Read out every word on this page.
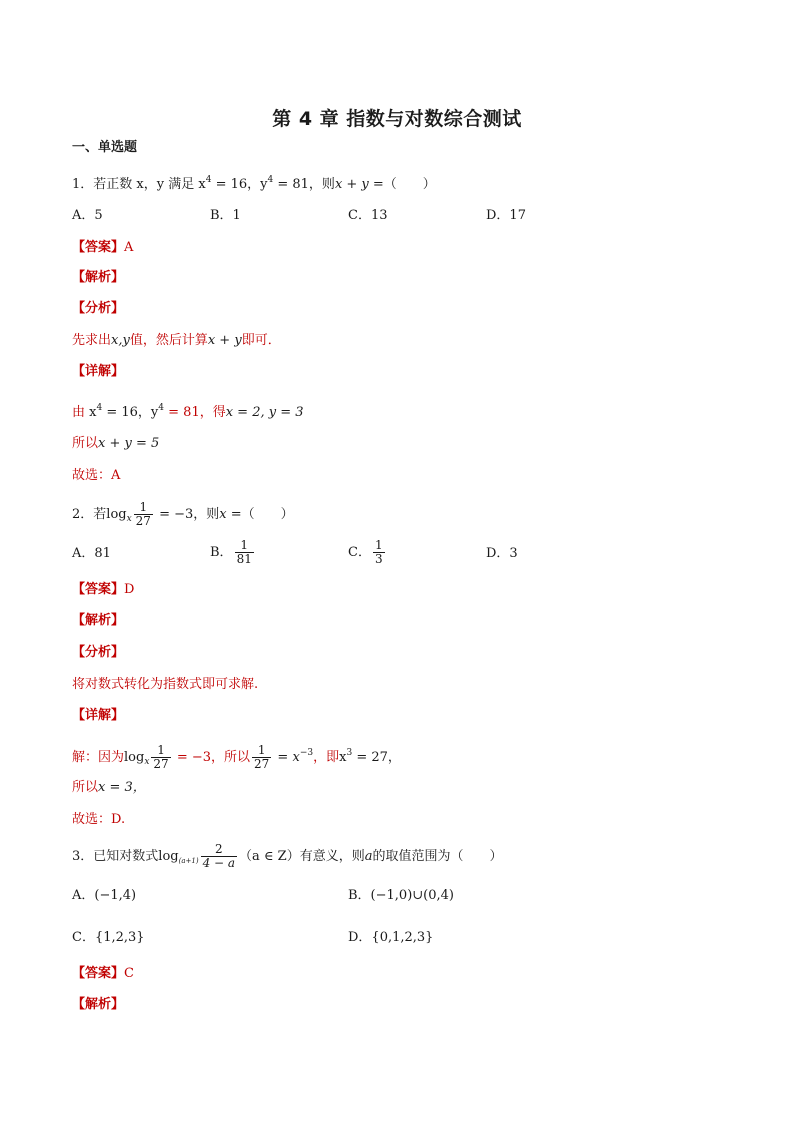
第 4 章 指数与对数综合测试
一、单选题
1．若正数 x，y 满足 $x^4 = 16$，$y^4 = 81$，则x + y =（　　）
A．5	B．1	C．13	D．17
【答案】A
【解析】
【分析】
先求出x,y值，然后计算x + y即可．
【详解】
由 $x^4 = 16$，$y^4 = 81$，得x = 2, y = 3
所以x + y = 5
故选：A
2．若$\log_x \frac{1}{27} = -3$，则x =（　　）
A．81	B． $\frac{1}{81}$	C． $\frac{1}{3}$	D．3
【答案】D
【解析】
【分析】
将对数式转化为指数式即可求解.
【详解】
解：因为$\log_x \frac{1}{27} = -3$，所以 $\frac{1}{27} = x^{-3}$，即$x^3 = 27$，
所以x = 3，
故选：D.
3．已知对数式$\log_{(a+1)} \frac{2}{4 - a} (a$ ∈ Z）有意义，则a的取值范围为（　　）
A．(−1,4)	B．(−1,0)∪(0,4)
C．{1,2,3}	D．{0,1,2,3}
【答案】C
【解析】
